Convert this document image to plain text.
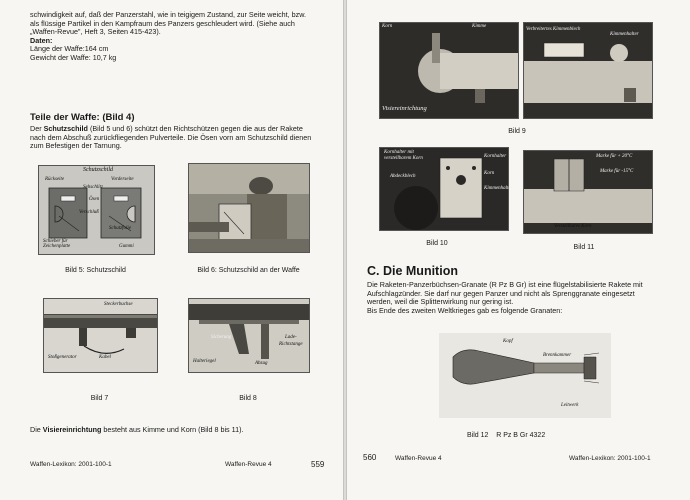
schwindigkeit auf, daß der Panzerstahl, wie in teigigem Zustand, zur Seite weicht, bzw.
als flüssige Partikel in den Kampfraum des Panzers geschleudert wird. (Siehe auch
„Waffen-Revue", Heft 3, Seiten 415-423).
Daten:
Länge der Waffe:164 cm
Gewicht der Waffe: 10,7 kg
Teile der Waffe: (Bild 4)
Der Schutzschild (Bild 5 und 6) schützt den Richtschützen gegen die aus der Rakete
nach dem Abschuß zurückfliegenden Pulverteile. Die Ösen vorn am Schutzschild dienen
zum Befestigen der Tarnung.
Schutzschild
Rückseite	Vorderseite
Sehschlitz
Ösen
Verschluß
Schutzfolie
Schieber für Zeichenplatte	Gummi
Bild 5: Schutzschild	Bild 6: Schutzschild an der Waffe
Steckerbuchse
Stoßgenerator	Kabel
Bild 7
Sicherung	Lade-
Richtstange
Halteriegel	Abzug
Bild 8
Die Visiereinrichtung besteht aus Kimme und Korn (Bild 8 bis 11).
Waffen-Lexikon: 2001-100-1	Waffen-Revue 4	559
Korn	Kimme
Visiereinrichtung
Verbreitertes Kimmenblech
Kimmenhalter
Bild 9
Kornhalter mit
verstellbarem Korn
Abdeckblech
Kornhalter
Korn
Kimmenhalter
Bild 10
Marke für + 20°C
Marke für -15°C
Verstellbares Korn
Bild 11
C. Die Munition
Die Raketen-Panzerbüchsen-Granate (R Pz B Gr) ist eine flügelstabilisierte Rakete mit
Aufschlagzünder. Sie darf nur gegen Panzer und nicht als Sprenggranate eingesetzt
werden, weil die Splitterwirkung nur gering ist.
Bis Ende des zweiten Weltkrieges gab es folgende Granaten:
Kopf
Brennkammer
Leitwerk
Bild 12 R Pz B Gr 4322
560	Waffen-Revue 4	Waffen-Lexikon: 2001-100-1
